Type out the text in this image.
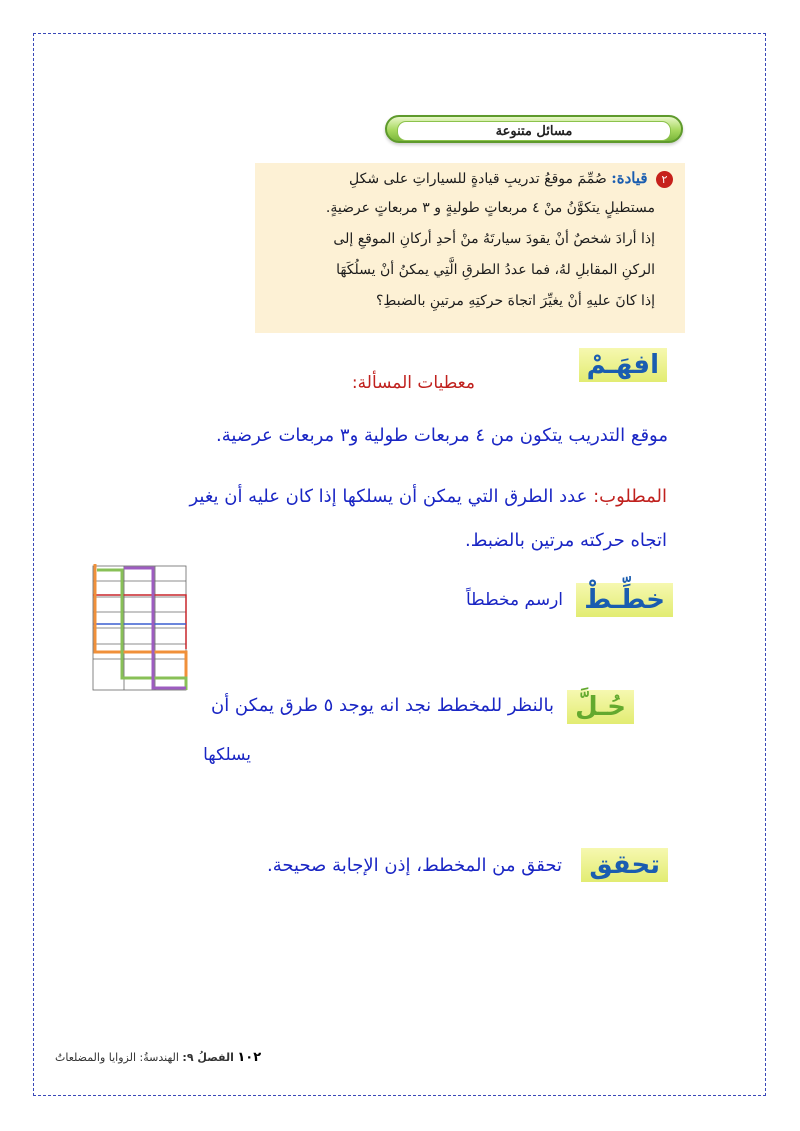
مسائل متنوعة
٢ قيادة: صُمِّمَ موقعُ تدريبِ قيادةٍ للسياراتِ على شكلِ
مستطيلٍ يتكوَّنُ منْ ٤ مربعاتٍ طوليةٍ و ٣ مربعاتٍ عرضيةٍ.
إذا أرادَ شخصٌ أنْ يقودَ سيارتَهُ منْ أحدِ أركانِ الموقعِ إلى
الركنِ المقابلِ لهُ، فما عددُ الطرقِ الَّتِي يمكنُ أنْ يسلُكَهَا
إذا كانَ عليهِ أنْ يغيِّرَ اتجاهَ حركتِهِ مرتينِ بالضبطِ؟
افهَـمْ
معطيات المسألة:
موقع التدريب يتكون من ٤ مربعات طولية و٣ مربعات عرضية.
المطلوب: عدد الطرق التي يمكن أن يسلكها إذا كان عليه أن يغير
اتجاه حركته مرتين بالضبط.
خطِّـطْ
ارسم مخططاً
حُـلَّ
بالنظر للمخطط نجد انه يوجد ٥ طرق يمكن أن
يسلكها
تحقق
تحقق من المخطط، إذن الإجابة صحيحة.
١٠٢ الفصلُ ٩: الهندسةُ: الزوايا والمضلعاتُ
